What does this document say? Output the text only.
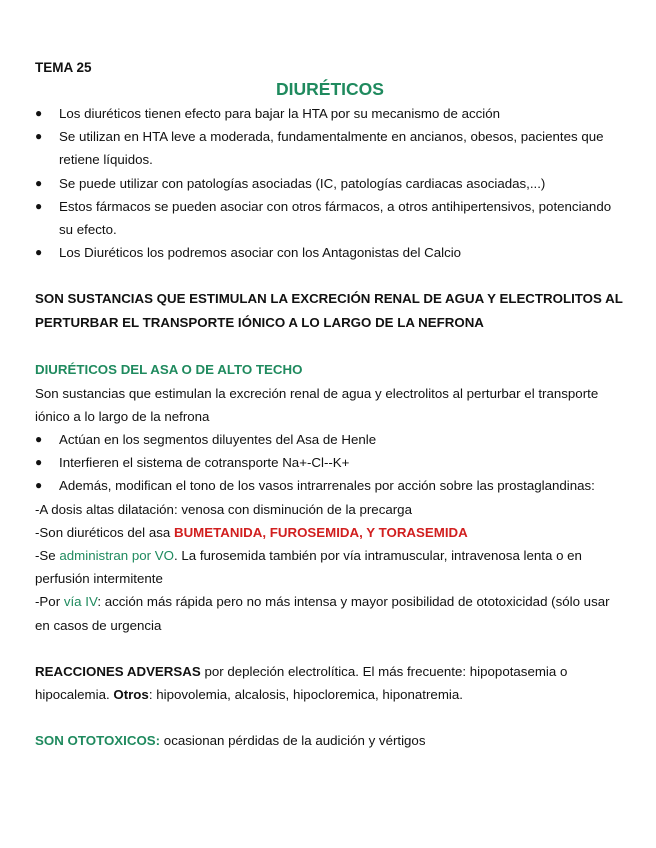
TEMA 25

DIURÉTICOS

● Los diuréticos tienen efecto para bajar la HTA por su mecanismo de acción
● Se utilizan en HTA leve a moderada, fundamentalmente en ancianos, obesos, pacientes que retiene líquidos.
● Se puede utilizar con patologías asociadas (IC, patologías cardiacas asociadas,...)
● Estos fármacos se pueden asociar con otros fármacos, a otros antihipertensivos, potenciando su efecto.
● Los Diuréticos los podremos asociar con los Antagonistas del Calcio

SON SUSTANCIAS QUE ESTIMULAN LA EXCRECIÓN RENAL DE AGUA Y ELECTROLITOS AL PERTURBAR EL TRANSPORTE IÓNICO A LO LARGO DE LA NEFRONA

DIURÉTICOS DEL ASA O DE ALTO TECHO

Son sustancias que estimulan la excreción renal de agua y electrolitos al perturbar el transporte iónico a lo largo de la nefrona

● Actúan en los segmentos diluyentes del Asa de Henle
● Interfieren el sistema de cotransporte Na+-Cl--K+
● Además, modifican el tono de los vasos intrarrenales por acción sobre las prostaglandinas:

-A dosis altas dilatación: venosa con disminución de la precarga

-Son diuréticos del asa BUMETANIDA, FUROSEMIDA, Y TORASEMIDA

-Se administran por VO. La furosemida también por vía intramuscular, intravenosa lenta o en perfusión intermitente

-Por vía IV: acción más rápida pero no más intensa y mayor posibilidad de ototoxicidad (sólo usar en casos de urgencia

REACCIONES ADVERSAS por depleción electrolítica. El más frecuente: hipopotasemia o hipocalemia. Otros: hipovolemia, alcalosis, hipocloremica, hiponatremia.

SON OTOTOXICOS: ocasionan pérdidas de la audición y vértigos
